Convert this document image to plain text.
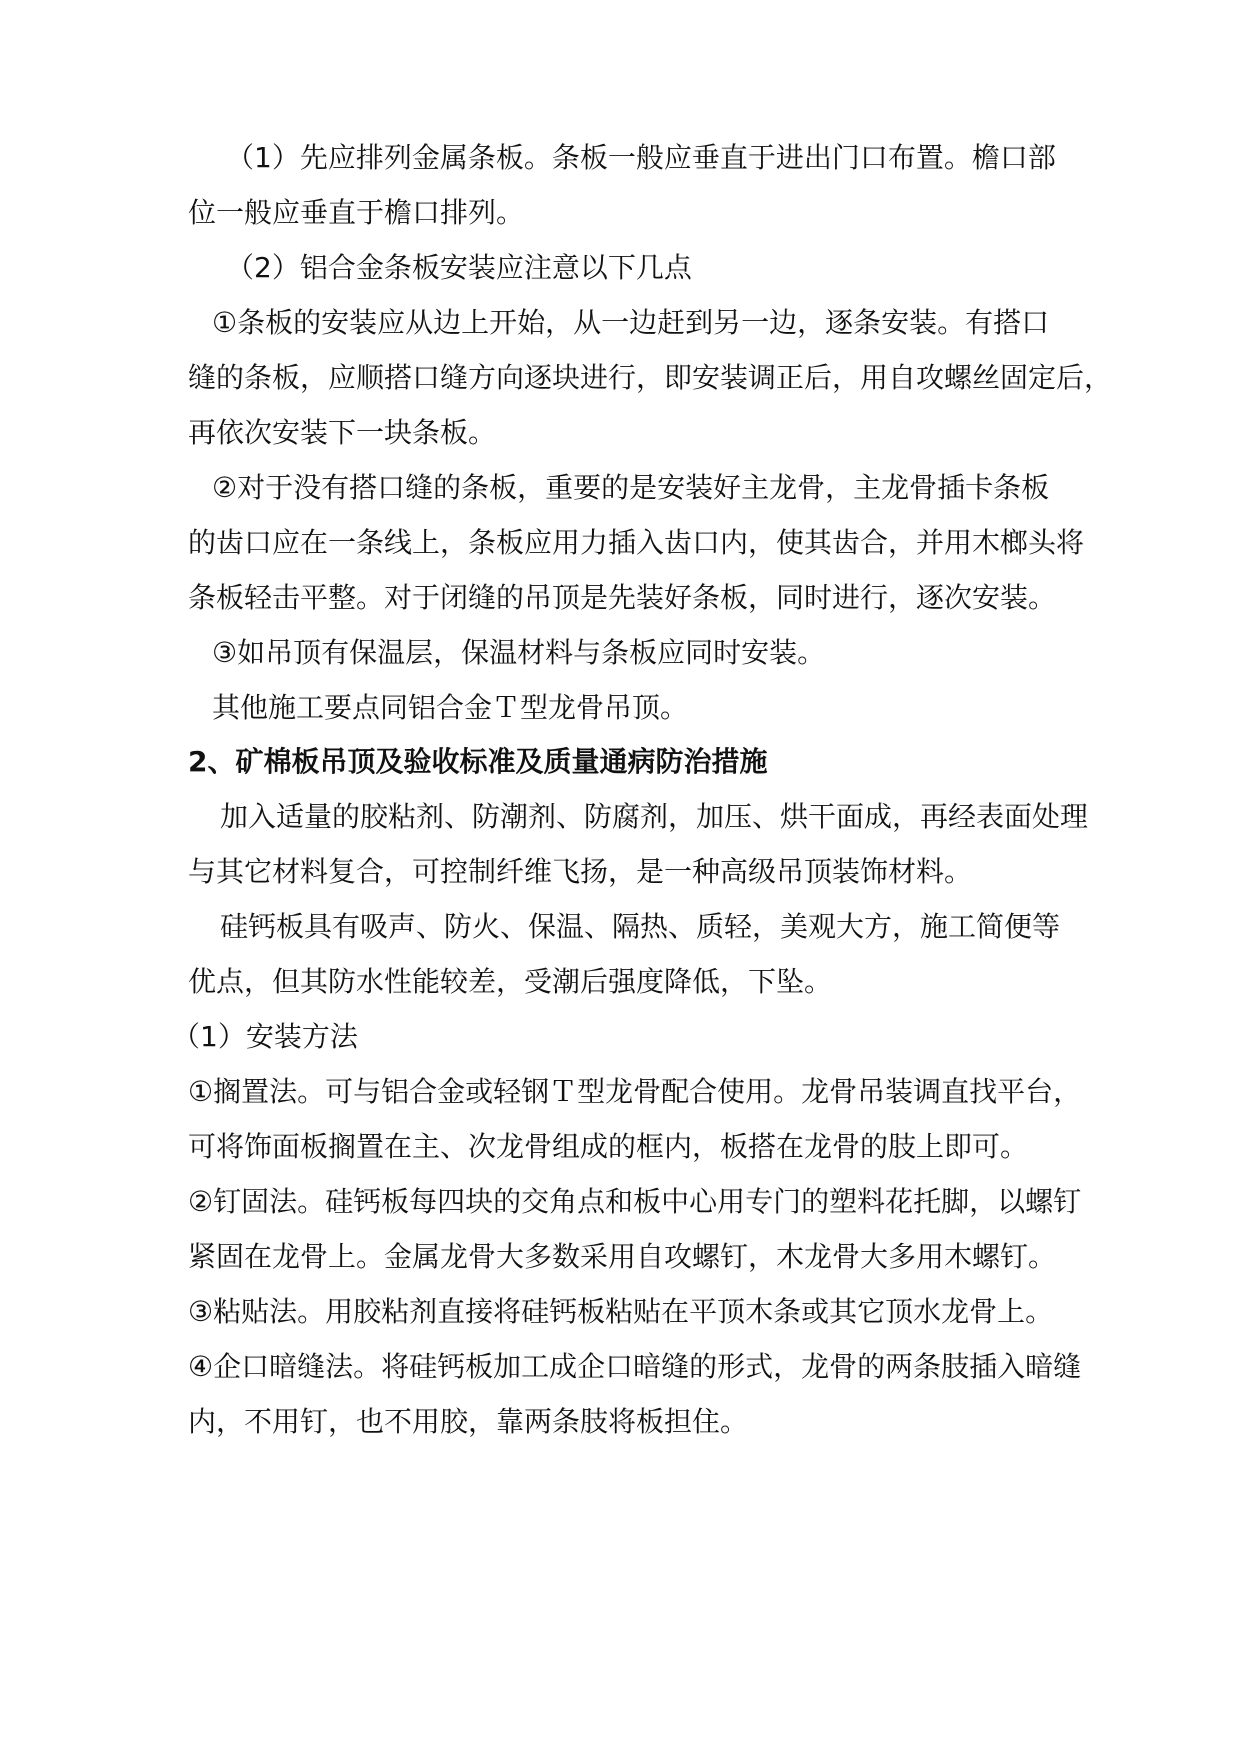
（1）先应排列金属条板。条板一般应垂直于进出门口布置。檐口部
位一般应垂直于檐口排列。
（2）铝合金条板安装应注意以下几点
①条板的安装应从边上开始，从一边赶到另一边，逐条安装。有搭口
缝的条板，应顺搭口缝方向逐块进行，即安装调正后，用自攻螺丝固定后，
再依次安装下一块条板。
②对于没有搭口缝的条板，重要的是安装好主龙骨，主龙骨插卡条板
的齿口应在一条线上，条板应用力插入齿口内，使其齿合，并用木榔头将
条板轻击平整。对于闭缝的吊顶是先装好条板，同时进行，逐次安装。
③如吊顶有保温层，保温材料与条板应同时安装。
其他施工要点同铝合金Ｔ型龙骨吊顶。
2、矿棉板吊顶及验收标准及质量通病防治措施
加入适量的胶粘剂、防潮剂、防腐剂，加压、烘干面成，再经表面处理
与其它材料复合，可控制纤维飞扬，是一种高级吊顶装饰材料。
硅钙板具有吸声、防火、保温、隔热、质轻，美观大方，施工简便等
优点，但其防水性能较差，受潮后强度降低，下坠。
（1）安装方法
①搁置法。可与铝合金或轻钢Ｔ型龙骨配合使用。龙骨吊装调直找平台，
可将饰面板搁置在主、次龙骨组成的框内，板搭在龙骨的肢上即可。
②钉固法。硅钙板每四块的交角点和板中心用专门的塑料花托脚，以螺钉
紧固在龙骨上。金属龙骨大多数采用自攻螺钉，木龙骨大多用木螺钉。
③粘贴法。用胶粘剂直接将硅钙板粘贴在平顶木条或其它顶水龙骨上。
④企口暗缝法。将硅钙板加工成企口暗缝的形式，龙骨的两条肢插入暗缝
内，不用钉，也不用胶，靠两条肢将板担住。
